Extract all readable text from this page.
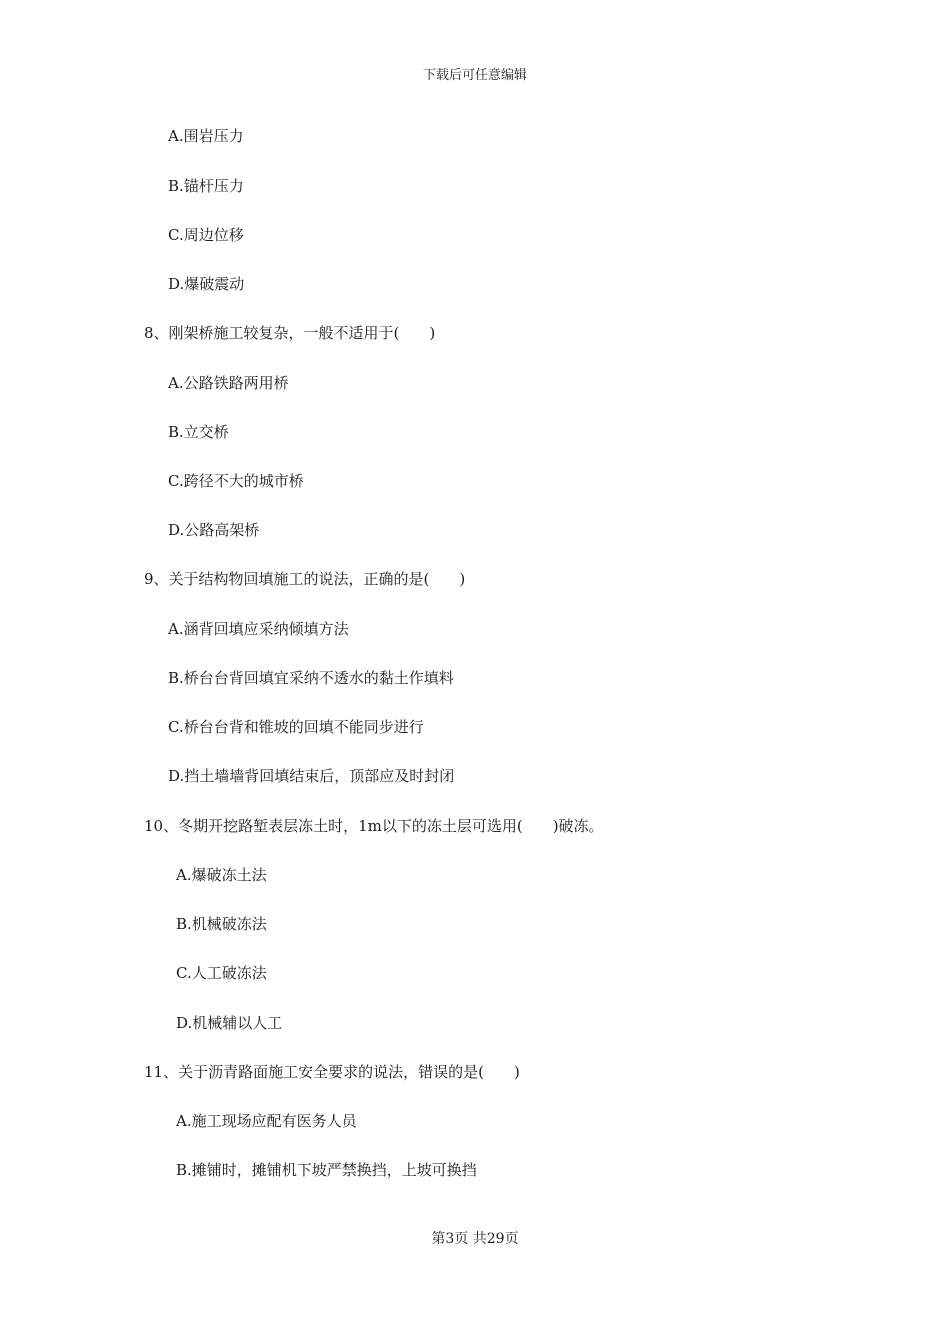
下载后可任意编辑
A.围岩压力
B.锚杆压力
C.周边位移
D.爆破震动
8、刚架桥施工较复杂，一般不适用于(　　)
A.公路铁路两用桥
B.立交桥
C.跨径不大的城市桥
D.公路高架桥
9、关于结构物回填施工的说法，正确的是(　　)
A.涵背回填应采纳倾填方法
B.桥台台背回填宜采纳不透水的黏土作填料
C.桥台台背和锥坡的回填不能同步进行
D.挡土墙墙背回填结束后，顶部应及时封闭
10、冬期开挖路堑表层冻土时，1m以下的冻土层可选用(　　)破冻。
A.爆破冻土法
B.机械破冻法
C.人工破冻法
D.机械辅以人工
11、关于沥青路面施工安全要求的说法，错误的是(　　)
A.施工现场应配有医务人员
B.摊铺时，摊铺机下坡严禁换挡，上坡可换挡
第3页 共29页
